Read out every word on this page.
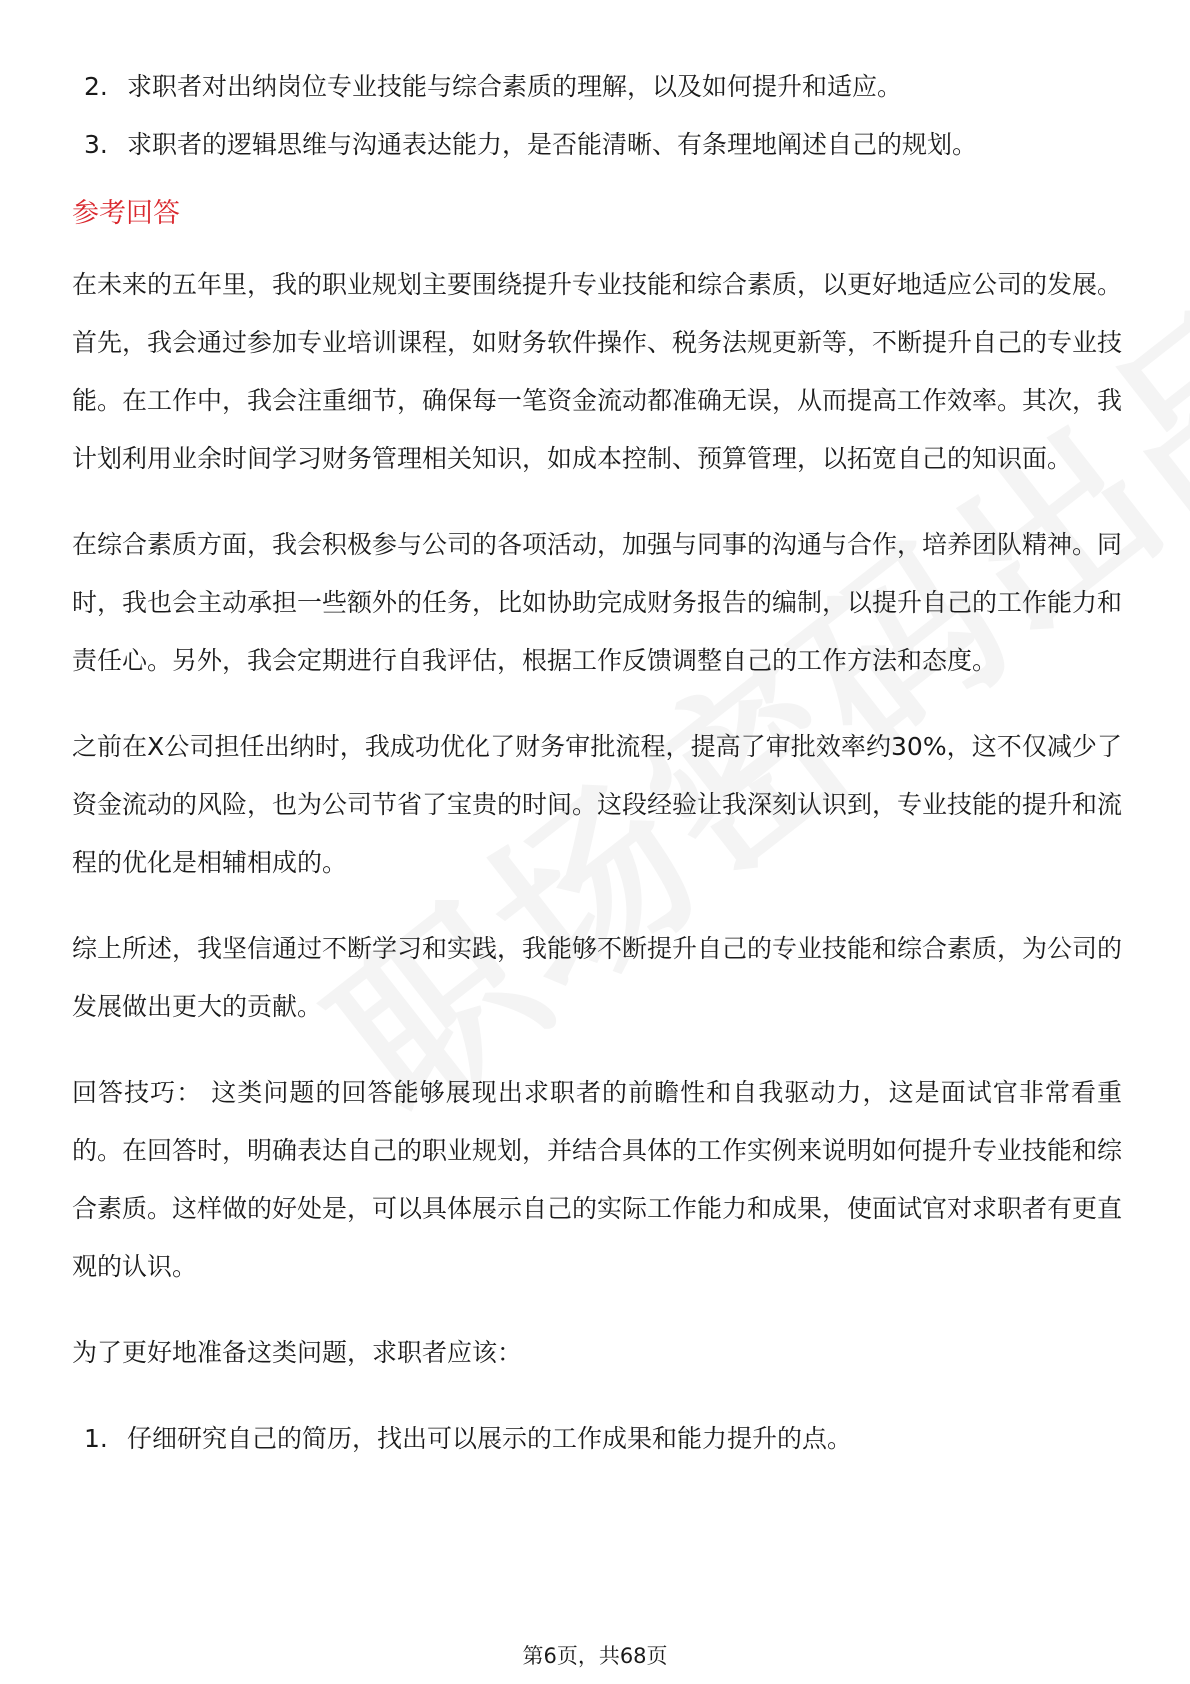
2. 求职者对出纳岗位专业技能与综合素质的理解，以及如何提升和适应。
3. 求职者的逻辑思维与沟通表达能力，是否能清晰、有条理地阐述自己的规划。
参考回答

在未来的五年里，我的职业规划主要围绕提升专业技能和综合素质，以更好地适应公司的发展。首先，我会通过参加专业培训课程，如财务软件操作、税务法规更新等，不断提升自己的专业技能。在工作中，我会注重细节，确保每一笔资金流动都准确无误，从而提高工作效率。其次，我计划利用业余时间学习财务管理相关知识，如成本控制、预算管理，以拓宽自己的知识面。

在综合素质方面，我会积极参与公司的各项活动，加强与同事的沟通与合作，培养团队精神。同时，我也会主动承担一些额外的任务，比如协助完成财务报告的编制，以提升自己的工作能力和责任心。另外，我会定期进行自我评估，根据工作反馈调整自己的工作方法和态度。

之前在X公司担任出纳时，我成功优化了财务审批流程，提高了审批效率约30%，这不仅减少了资金流动的风险，也为公司节省了宝贵的时间。这段经验让我深刻认识到，专业技能的提升和流程的优化是相辅相成的。

综上所述，我坚信通过不断学习和实践，我能够不断提升自己的专业技能和综合素质，为公司的发展做出更大的贡献。

回答技巧： 这类问题的回答能够展现出求职者的前瞻性和自我驱动力，这是面试官非常看重的。在回答时，明确表达自己的职业规划，并结合具体的工作实例来说明如何提升专业技能和综合素质。这样做的好处是，可以具体展示自己的实际工作能力和成果，使面试官对求职者有更直观的认识。

为了更好地准备这类问题，求职者应该：

1. 仔细研究自己的简历，找出可以展示的工作成果和能力提升的点。
第6页，共68页
